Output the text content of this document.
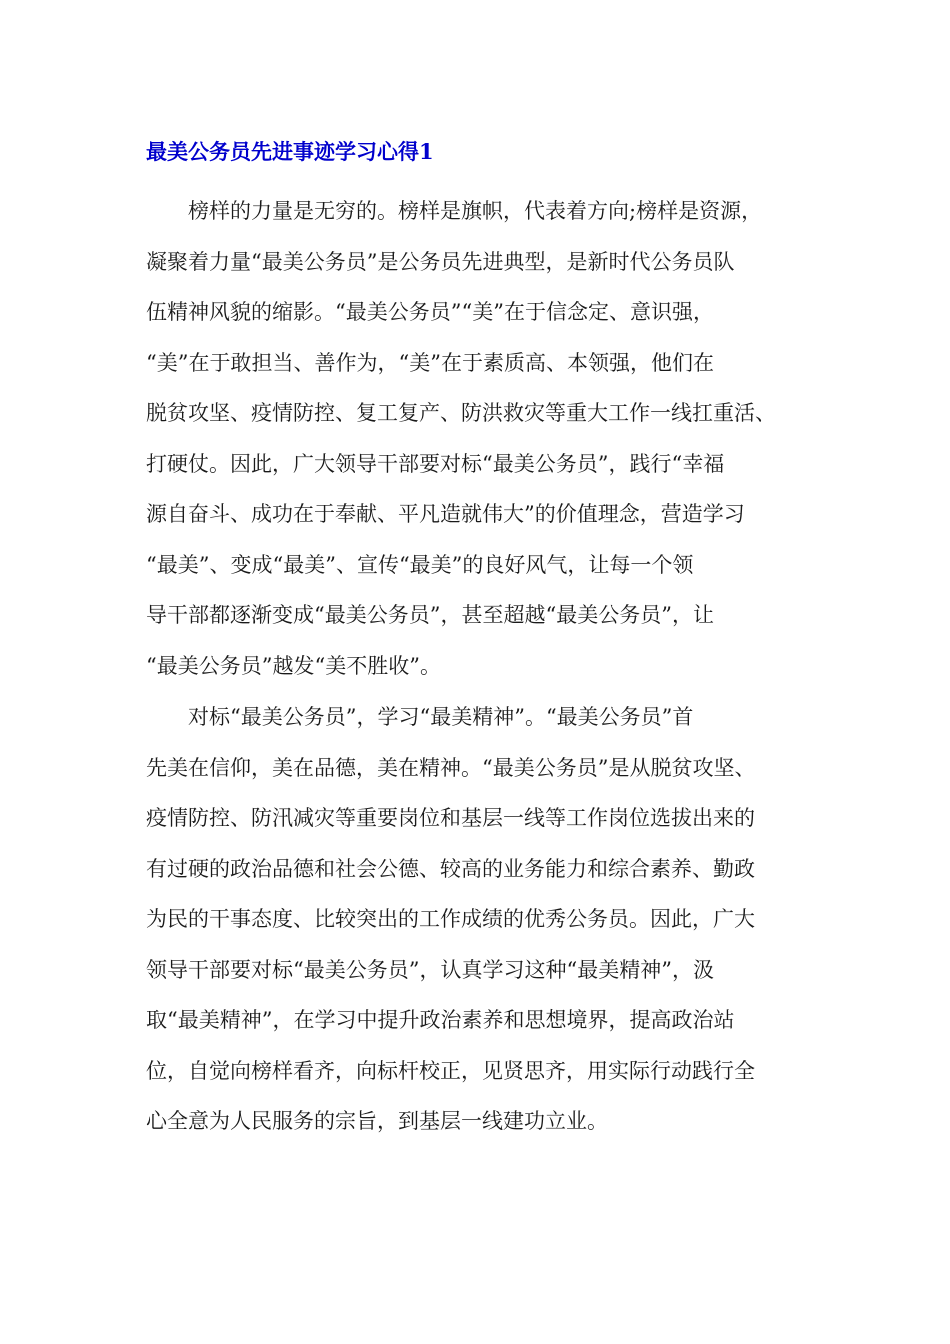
最美公务员先进事迹学习心得1
榜样的力量是无穷的。榜样是旗帜，代表着方向;榜样是资源，
凝聚着力量“最美公务员”是公务员先进典型，是新时代公务员队
伍精神风貌的缩影。“最美公务员”“美”在于信念定、意识强，
“美”在于敢担当、善作为，“美”在于素质高、本领强，他们在
脱贫攻坚、疫情防控、复工复产、防洪救灾等重大工作一线扛重活、
打硬仗。因此，广大领导干部要对标“最美公务员”，践行“幸福
源自奋斗、成功在于奉献、平凡造就伟大”的价值理念，营造学习
“最美”、变成“最美”、宣传“最美”的良好风气，让每一个领
导干部都逐渐变成“最美公务员”，甚至超越“最美公务员”，让
“最美公务员”越发“美不胜收”。
对标“最美公务员”，学习“最美精神”。“最美公务员”首
先美在信仰，美在品德，美在精神。“最美公务员”是从脱贫攻坚、
疫情防控、防汛减灾等重要岗位和基层一线等工作岗位选拔出来的
有过硬的政治品德和社会公德、较高的业务能力和综合素养、勤政
为民的干事态度、比较突出的工作成绩的优秀公务员。因此，广大
领导干部要对标“最美公务员”，认真学习这种“最美精神”，汲
取“最美精神”，在学习中提升政治素养和思想境界，提高政治站
位，自觉向榜样看齐，向标杆校正，见贤思齐，用实际行动践行全
心全意为人民服务的宗旨，到基层一线建功立业。
